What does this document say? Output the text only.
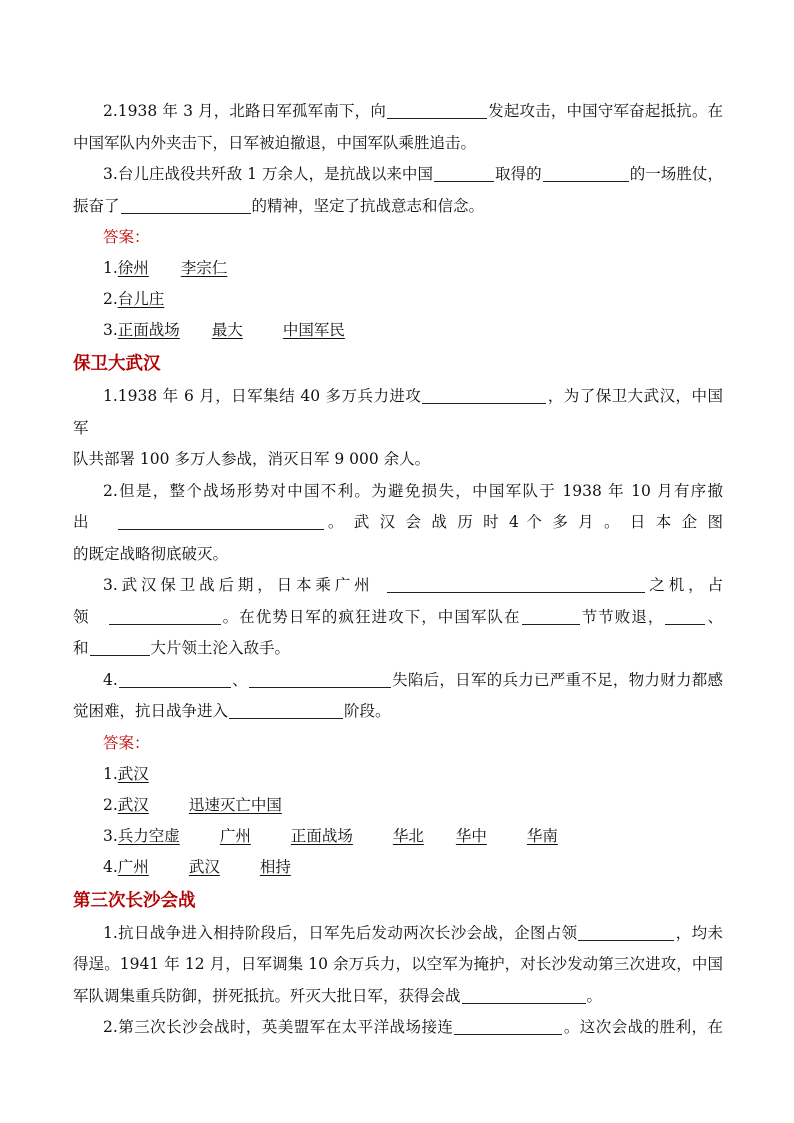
2.1938 年 3 月，北路日军孤军南下，向	发起攻击，中国守军奋起抵抗。在

中国军队内外夹击下，日军被迫撤退，中国军队乘胜追击。

3.台儿庄战役共歼敌 1 万余人，是抗战以来中国	取得的	的一场胜仗，

振奋了	的精神，坚定了抗战意志和信念。

答案：

1.徐州 李宗仁

2.台儿庄

3.正面战场 最大	中国军民

保卫大武汉

1.1938 年 6 月，日军集结 40 多万兵力进攻	，为了保卫大武汉，中国军

队共部署 100 多万人参战，消灭日军 9 000 余人。

2.但是，整个战场形势对中国不利。为避免损失，中国军队于 1938 年 10 月有序撤

出	。 武 汉 会 战 历 时 4 个 多 月 。 日 本 企 图

的既定战略彻底破灭。

3.武汉保卫战后期，日本乘广州	之机，占

领	。在优势日军的疯狂进攻下，中国军队在	节节败退，	、

和	大片领土沦入敌手。

4.	、	失陷后，日军的兵力已严重不足，物力财力都感

觉困难，抗日战争进入	阶段。

答案：

1.武汉

2.武汉	迅速灭亡中国

3.兵力空虚	广州	正面战场	华北 华中	华南

4.广州	武汉	相持

第三次长沙会战

1.抗日战争进入相持阶段后，日军先后发动两次长沙会战，企图占领	，均未

得逞。1941 年 12 月，日军调集 10 余万兵力，以空军为掩护，对长沙发动第三次进攻，中国

军队调集重兵防御，拼死抵抗。歼灭大批日军，获得会战	。

2.第三次长沙会战时，英美盟军在太平洋战场接连	。这次会战的胜利，在
